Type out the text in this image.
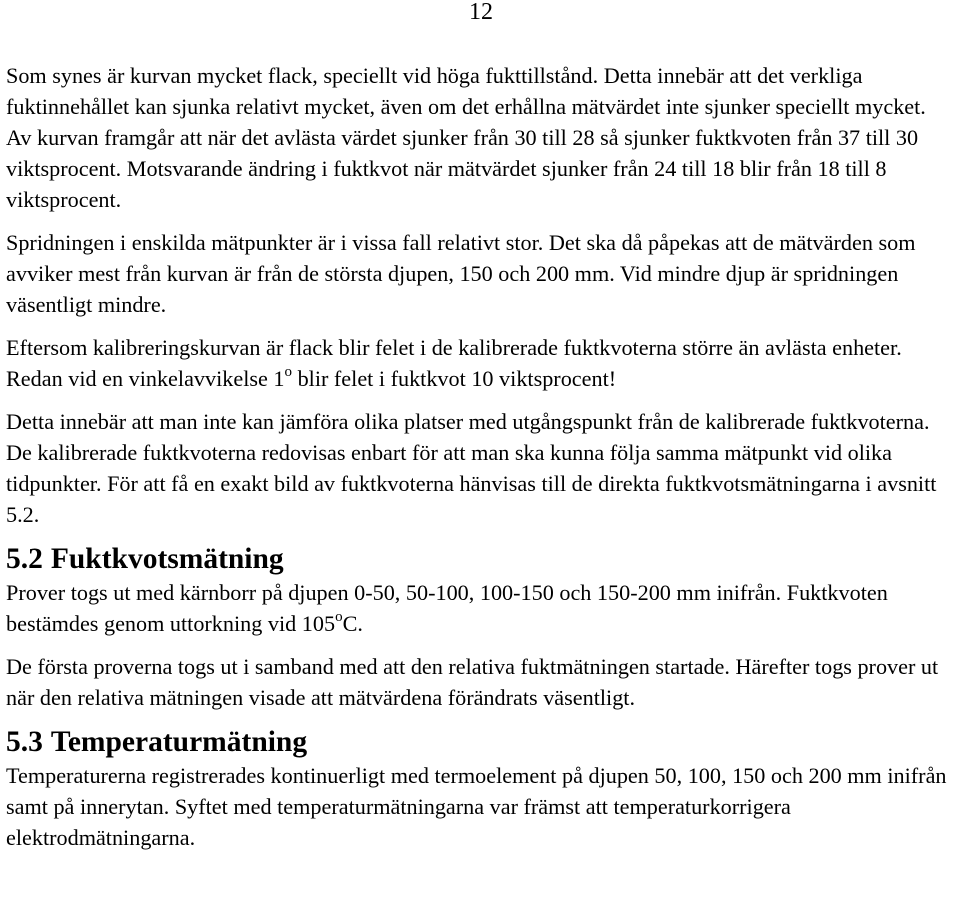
12

Som synes är kurvan mycket flack, speciellt vid höga fukttillstånd. Detta innebär att det verkliga fuktinnehållet kan sjunka relativt mycket, även om det erhållna mätvärdet inte sjunker speciellt mycket. Av kurvan framgår att när det avlästa värdet sjunker från 30 till 28 så sjunker fuktkvoten från 37 till 30 viktsprocent. Motsvarande ändring i fuktkvot när mätvärdet sjunker från 24 till 18 blir från 18 till 8 viktsprocent.

Spridningen i enskilda mätpunkter är i vissa fall relativt stor. Det ska då påpekas att de mätvärden som avviker mest från kurvan är från de största djupen, 150 och 200 mm. Vid mindre djup är spridningen väsentligt mindre.

Eftersom kalibreringskurvan är flack blir felet i de kalibrerade fuktkvoterna större än avlästa enheter. Redan vid en vinkelavvikelse 1$^o$ blir felet i fuktkvot 10 viktsprocent!

Detta innebär att man inte kan jämföra olika platser med utgångspunkt från de kalibrerade fuktkvoterna. De kalibrerade fuktkvoterna redovisas enbart för att man ska kunna följa samma mätpunkt vid olika tidpunkter. För att få en exakt bild av fuktkvoterna hänvisas till de direkta fuktkvotsmätningarna i avsnitt 5.2.

5.2 Fuktkvotsmätning

Prover togs ut med kärnborr på djupen 0-50, 50-100, 100-150 och 150-200 mm inifrån. Fuktkvoten bestämdes genom uttorkning vid 105$^o$C.

De första proverna togs ut i samband med att den relativa fuktmätningen startade. Härefter togs prover ut när den relativa mätningen visade att mätvärdena förändrats väsentligt.

5.3 Temperaturmätning

Temperaturerna registrerades kontinuerligt med termoelement på djupen 50, 100, 150 och 200 mm inifrån samt på innerytan. Syftet med temperaturmätningarna var främst att temperaturkorrigera elektrodmätningarna.
